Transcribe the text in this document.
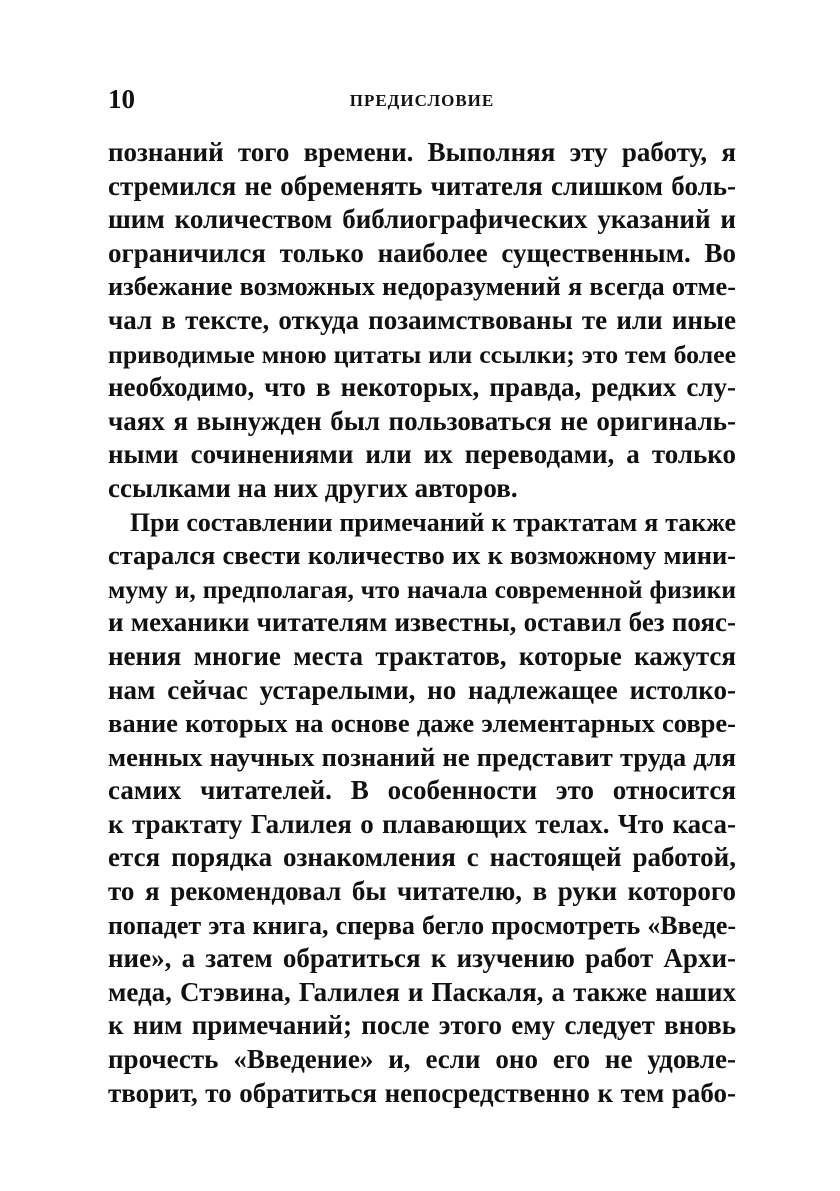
10	ПРЕДИСЛОВИЕ

познаний того времени. Выполняя эту работу, я
стремился не обременять читателя слишком боль-
шим количеством библиографических указаний и
ограничился только наиболее существенным. Во
избежание возможных недоразумений я всегда отме-
чал в тексте, откуда позаимствованы те или иные
приводимые мною цитаты или ссылки; это тем более
необходимо, что в некоторых, правда, редких слу-
чаях я вынужден был пользоваться не оригиналь-
ными сочинениями или их переводами, а только
ссылками на них других авторов.

При составлении примечаний к трактатам я также
старался свести количество их к возможному мини-
муму и, предполагая, что начала современной физики
и механики читателям известны, оставил без пояс-
нения многие места трактатов, которые кажутся
нам сейчас устарелыми, но надлежащее истолко-
вание которых на основе даже элементарных совре-
менных научных познаний не представит труда для
самих читателей. В особенности это относится
к трактату Галилея о плавающих телах. Что каса-
ется порядка ознакомления с настоящей работой,
то я рекомендовал бы читателю, в руки которого
попадет эта книга, сперва бегло просмотреть «Введе-
ние», а затем обратиться к изучению работ Архи-
меда, Стэвина, Галилея и Паскаля, а также наших
к ним примечаний; после этого ему следует вновь
прочесть «Введение» и, если оно его не удовле-
творит, то обратиться непосредственно к тем рабо-
